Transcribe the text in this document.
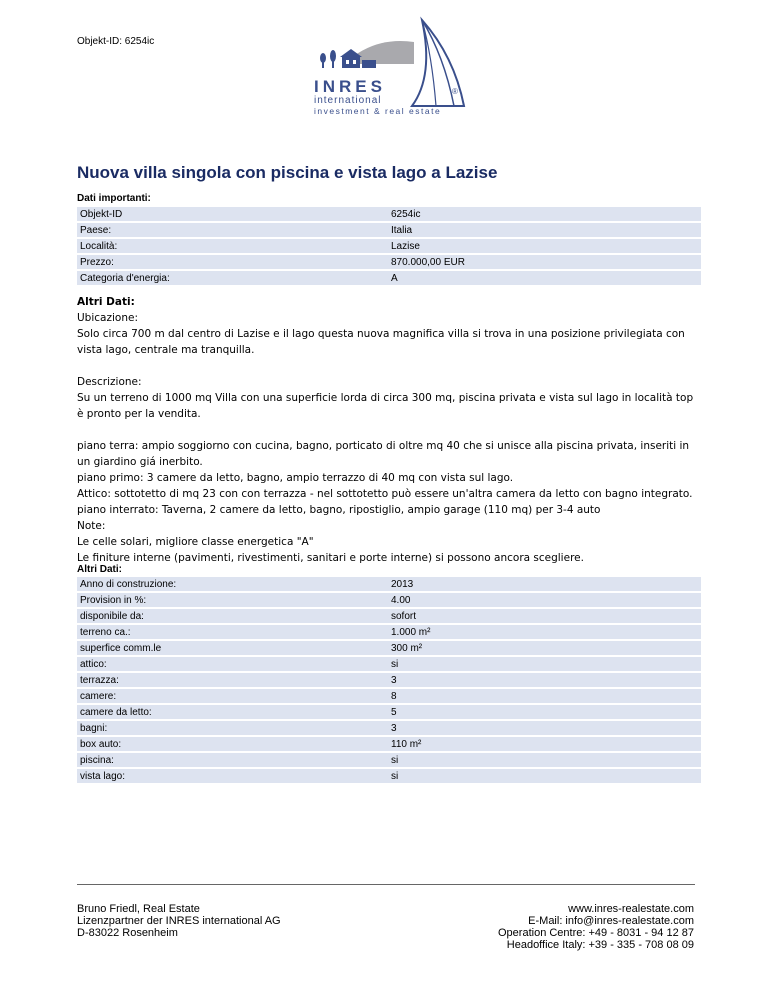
Objekt-ID: 6254ic
INRES	®
international
investment & real estate
Nuova villa singola con piscina e vista lago a Lazise
Dati importanti:
Objekt-ID	6254ic
Paese:	Italia
Località:	Lazise
Prezzo:	870.000,00 EUR
Categoria d'energia:	A
Altri Dati:
Ubicazione:
Solo circa 700 m dal centro di Lazise e il lago questa nuova magnifica villa si trova in una posizione privilegiata con vista lago, centrale ma tranquilla.
Descrizione:
Su un terreno di 1000 mq Villa con una superficie lorda di circa 300 mq, piscina privata e vista sul lago in località top è pronto per la vendita.
piano terra: ampio soggiorno con cucina, bagno, porticato di oltre mq 40 che si unisce alla piscina privata, inseriti in un giardino giá inerbito.
piano primo: 3 camere da letto, bagno, ampio terrazzo di 40 mq con vista sul lago.
Attico: sottotetto di mq 23 con con terrazza - nel sottotetto può essere un'altra camera da letto con bagno integrato.
piano interrato: Taverna, 2 camere da letto, bagno, ripostiglio, ampio garage (110 mq) per 3-4 auto
Note:
Le celle solari, migliore classe energetica "A"
Le finiture interne (pavimenti, rivestimenti, sanitari e porte interne) si possono ancora scegliere.
Altri Dati:
Anno di construzione:	2013
Provision in %:	4.00
disponibile da:	sofort
terreno ca.:	1.000 m²
superfice comm.le	300 m²
attico:	si
terrazza:	3
camere:	8
camere da letto:	5
bagni:	3
box auto:	110 m²
piscina:	si
vista lago:	si
Bruno Friedl, Real Estate
Lizenzpartner der INRES international AG
D-83022 Rosenheim
www.inres-realestate.com
E-Mail: info@inres-realestate.com
Operation Centre: +49 - 8031 - 94 12 87
Headoffice Italy: +39 - 335 - 708 08 09
